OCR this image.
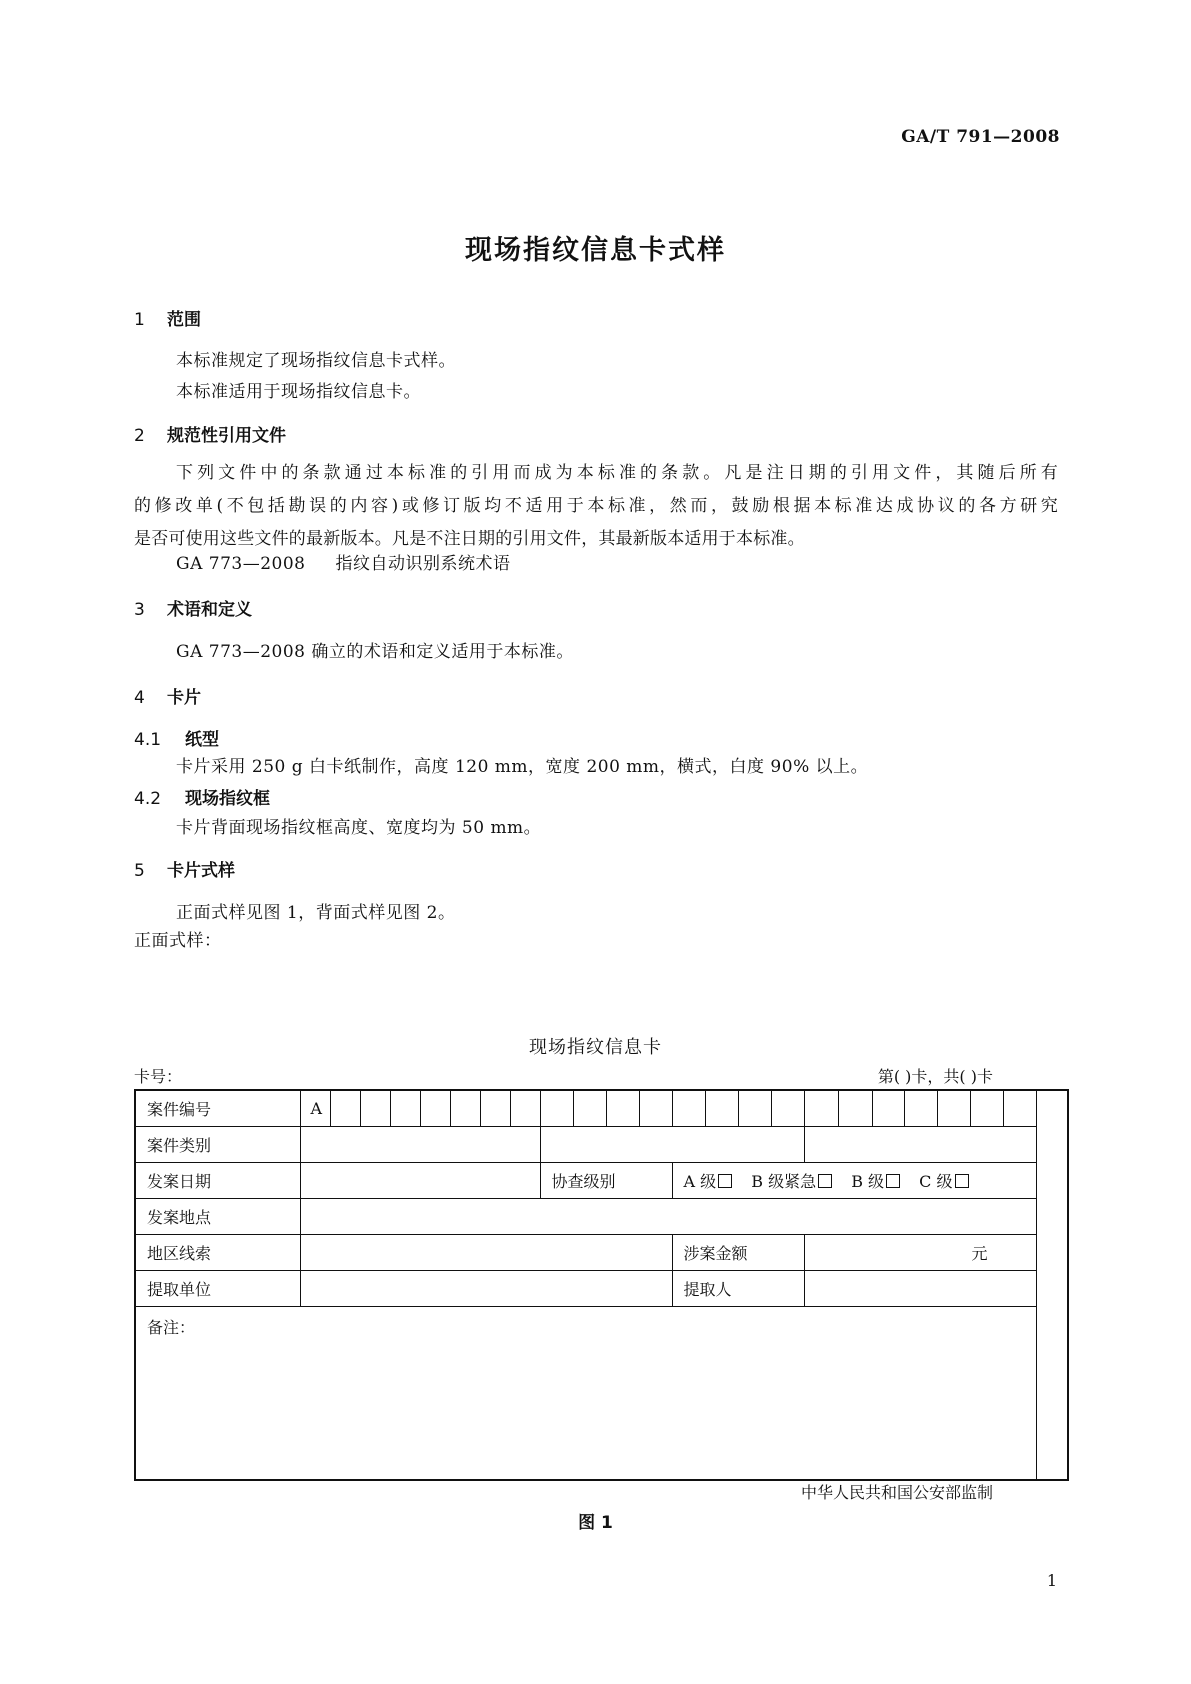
GA/T 791—2008
现场指纹信息卡式样
1 范围
本标准规定了现场指纹信息卡式样。
本标准适用于现场指纹信息卡。
2 规范性引用文件
下列文件中的条款通过本标准的引用而成为本标准的条款。凡是注日期的引用文件，其随后所有
的修改单(不包括勘误的内容)或修订版均不适用于本标准，然而，鼓励根据本标准达成协议的各方研究
是否可使用这些文件的最新版本。凡是不注日期的引用文件，其最新版本适用于本标准。
GA 773—2008 指纹自动识别系统术语
3 术语和定义
GA 773—2008 确立的术语和定义适用于本标准。
4 卡片
4.1 纸型
卡片采用 250 g 白卡纸制作，高度 120 mm，宽度 200 mm，横式，白度 90% 以上。
4.2 现场指纹框
卡片背面现场指纹框高度、宽度均为 50 mm。
5 卡片式样
正面式样见图 1，背面式样见图 2。
正面式样：
现场指纹信息卡
卡号：	第( )卡，共( )卡
案件编号	A																						
案件类别																							
发案日期									协查级别				A 级 B 级紧急 B 级 C 级										
发案地点																							
地区线索													涉案金额				元						
提取单位													提取人										
备注：																							
中华人民共和国公安部监制
图 1
1
